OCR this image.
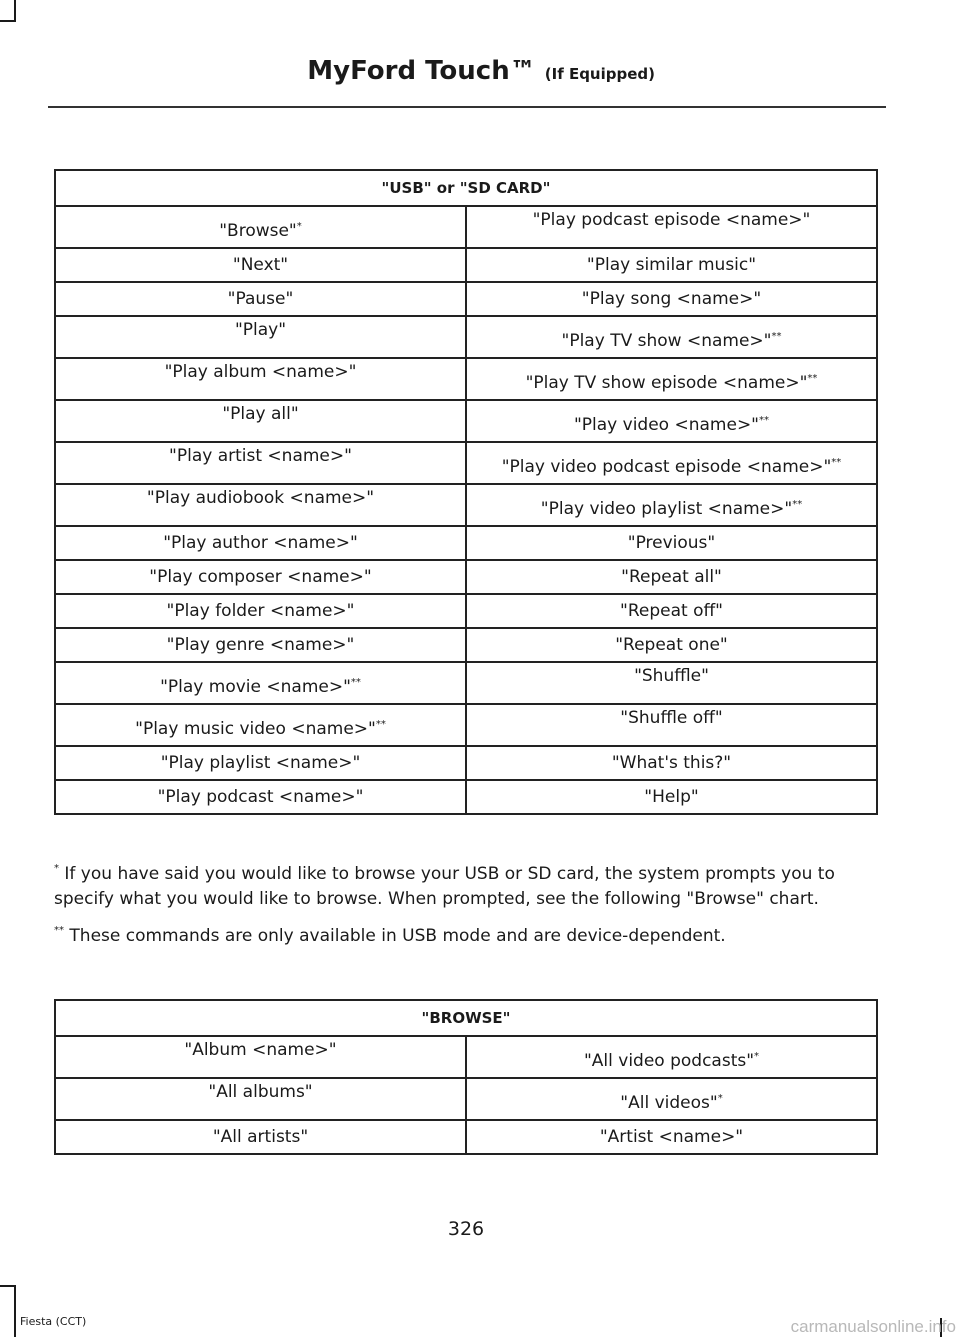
MyFord Touch™ (If Equipped)
"USB" or "SD CARD"	
"Browse"*	"Play podcast episode <name>"
"Next"	"Play similar music"
"Pause"	"Play song <name>"
"Play"	"Play TV show <name>"**
"Play album <name>"	"Play TV show episode <name>"**
"Play all"	"Play video <name>"**
"Play artist <name>"	"Play video podcast episode <name>"**
"Play audiobook <name>"	"Play video playlist <name>"**
"Play author <name>"	"Previous"
"Play composer <name>"	"Repeat all"
"Play folder <name>"	"Repeat off"
"Play genre <name>"	"Repeat one"
"Play movie <name>"**	"Shuffle"
"Play music video <name>"**	"Shuffle off"
"Play playlist <name>"	"What's this?"
"Play podcast <name>"	"Help"

* If you have said you would like to browse your USB or SD card, the system prompts you to specify what you would like to browse. When prompted, see the following "Browse" chart.

** These commands are only available in USB mode and are device-dependent.

"BROWSE"	
"Album <name>"	"All video podcasts"*
"All albums"	"All videos"*
"All artists"	"Artist <name>"
326
Fiesta (CCT)	carmanualsonline.info
